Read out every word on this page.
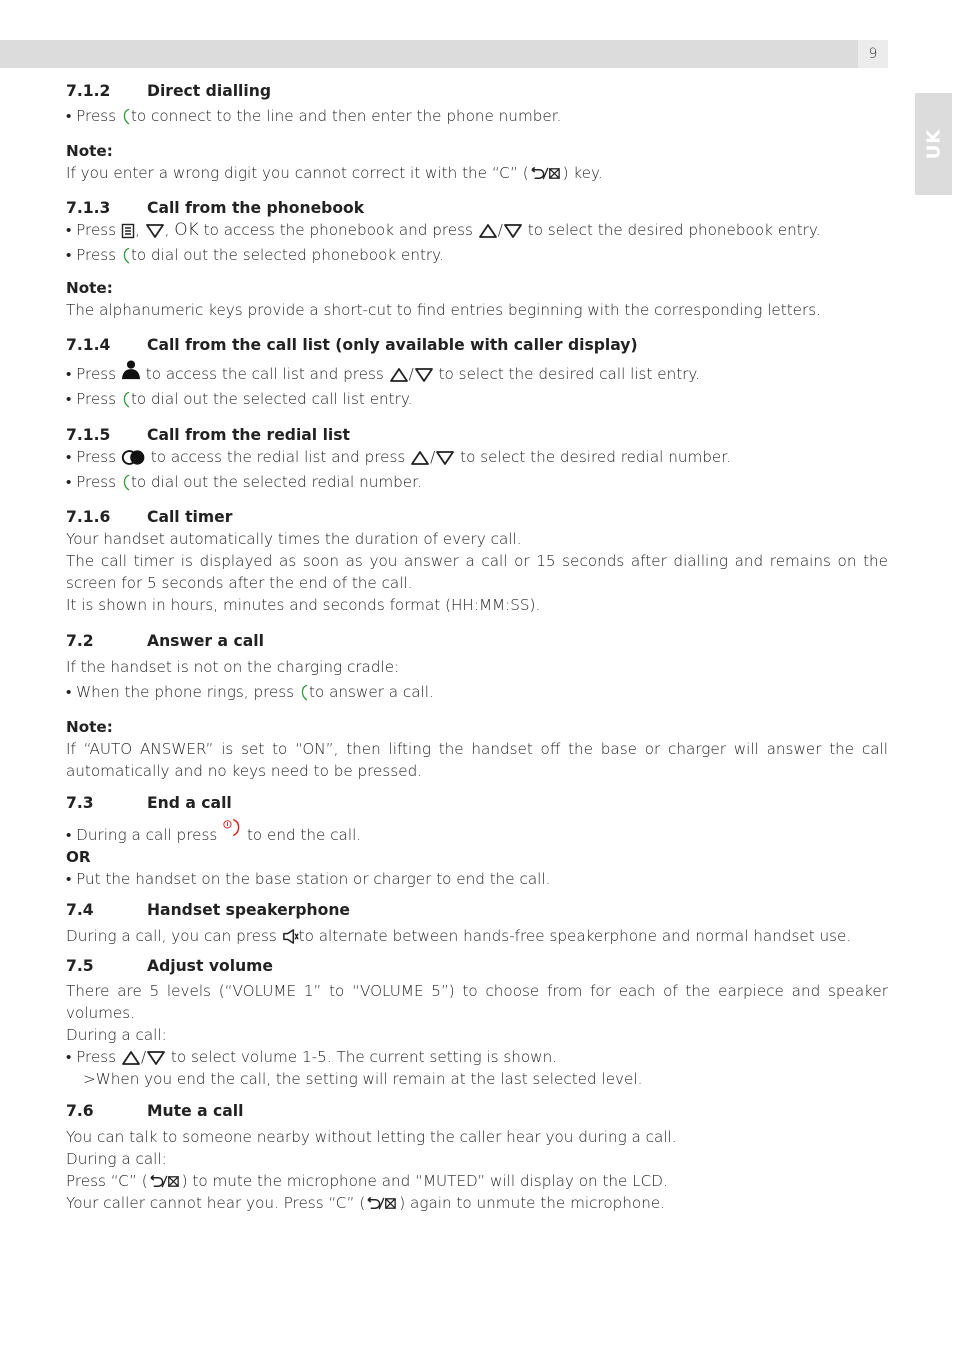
9
UK
7.1.2	Direct dialling

• Press to connect to the line and then enter the phone number.

Note:

If you enter a wrong digit you cannot correct it with the “C” ( ) key.

7.1.3	Call from the phonebook

• Press , , OK to access the phonebook and press / to select the desired phonebook entry.

• Press to dial out the selected phonebook entry.

Note:

The alphanumeric keys provide a short-cut to find entries beginning with the corresponding letters.

7.1.4	Call from the call list (only available with caller display)

• Press to access the call list and press / to select the desired call list entry.

• Press to dial out the selected call list entry.

7.1.5	Call from the redial list

• Press to access the redial list and press / to select the desired redial number.

• Press to dial out the selected redial number.

7.1.6	Call timer

Your handset automatically times the duration of every call.

The call timer is displayed as soon as you answer a call or 15 seconds after dialling and remains on the screen for 5 seconds after the end of the call.

It is shown in hours, minutes and seconds format (HH:MM:SS).

7.2	Answer a call

If the handset is not on the charging cradle:

• When the phone rings, press to answer a call.

Note:

If “AUTO ANSWER” is set to “ON”, then lifting the handset off the base or charger will answer the call automatically and no keys need to be pressed.

7.3	End a call

• During a call press to end the call.

OR

• Put the handset on the base station or charger to end the call.

7.4	Handset speakerphone

During a call, you can press to alternate between hands-free speakerphone and normal handset use.

7.5	Adjust volume

There are 5 levels (“VOLUME 1” to “VOLUME 5”) to choose from for each of the earpiece and speaker volumes.

During a call:

• Press / to select volume 1-5. The current setting is shown.

>When you end the call, the setting will remain at the last selected level.

7.6	Mute a call

You can talk to someone nearby without letting the caller hear you during a call.

During a call:

Press “C” ( ) to mute the microphone and “MUTED” will display on the LCD.

Your caller cannot hear you. Press “C” ( ) again to unmute the microphone.
